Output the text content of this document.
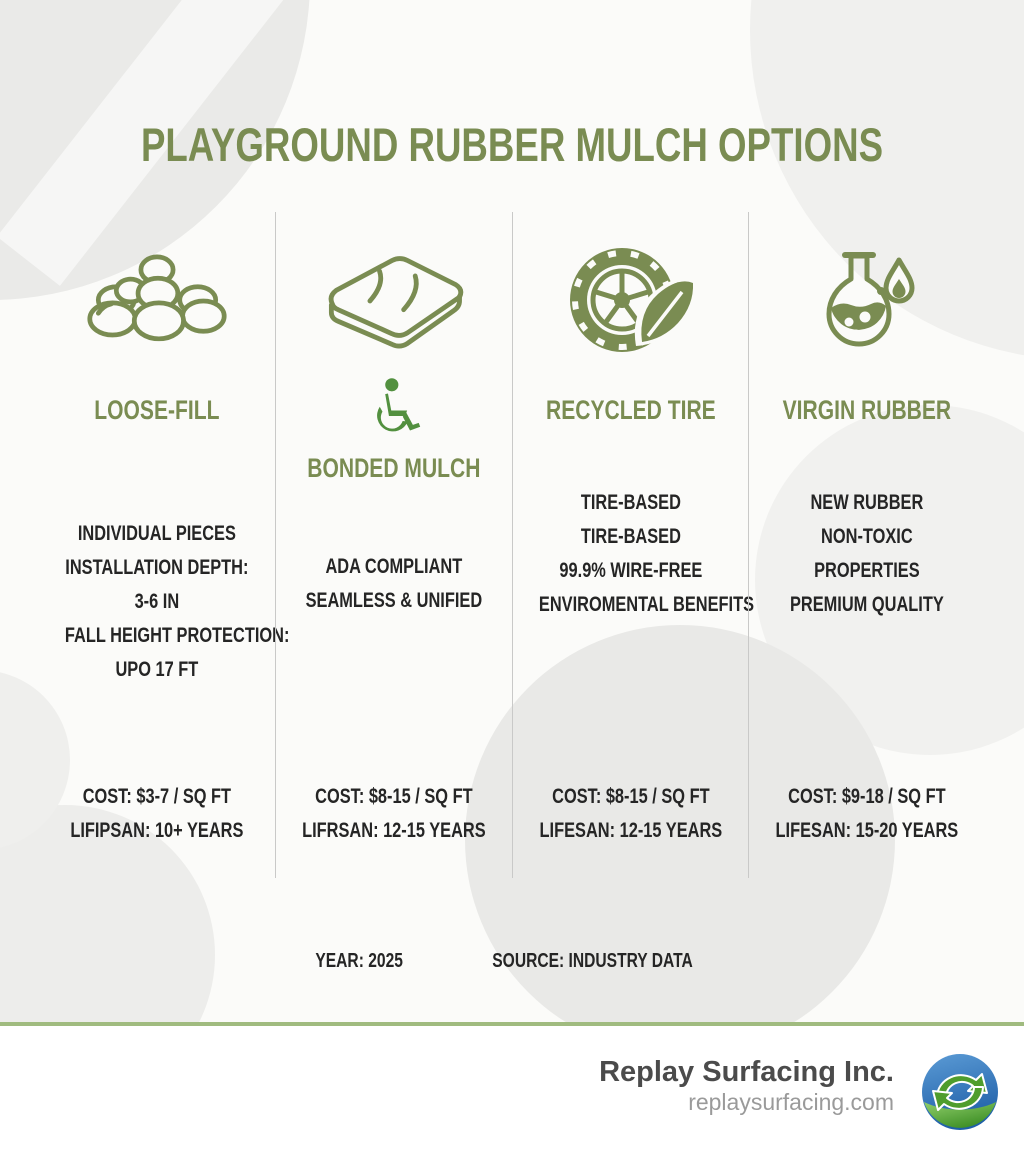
PLAYGROUND RUBBER MULCH OPTIONS
LOOSE-FILL
INDIVIDUAL PIECES
INSTALLATION DEPTH:
3-6 IN
FALL HEIGHT PROTECTION:
UPO 17 FT
COST: $3-7 / SQ FT
LIFIPSAN: 10+ YEARS
BONDED MULCH
ADA COMPLIANT
SEAMLESS & UNIFIED
COST: $8-15 / SQ FT
LIFRSAN: 12-15 YEARS
RECYCLED TIRE
TIRE-BASED
TIRE-BASED
99.9% WIRE-FREE
ENVIROMENTAL BENEFITS
COST: $8-15 / SQ FT
LIFESAN: 12-15 YEARS
VIRGIN RUBBER
NEW RUBBER
NON-TOXIC
PROPERTIES
PREMIUM QUALITY
COST: $9-18 / SQ FT
LIFESAN: 15-20 YEARS
YEAR: 2025	SOURCE: INDUSTRY DATA
Replay Surfacing Inc.
replaysurfacing.com
